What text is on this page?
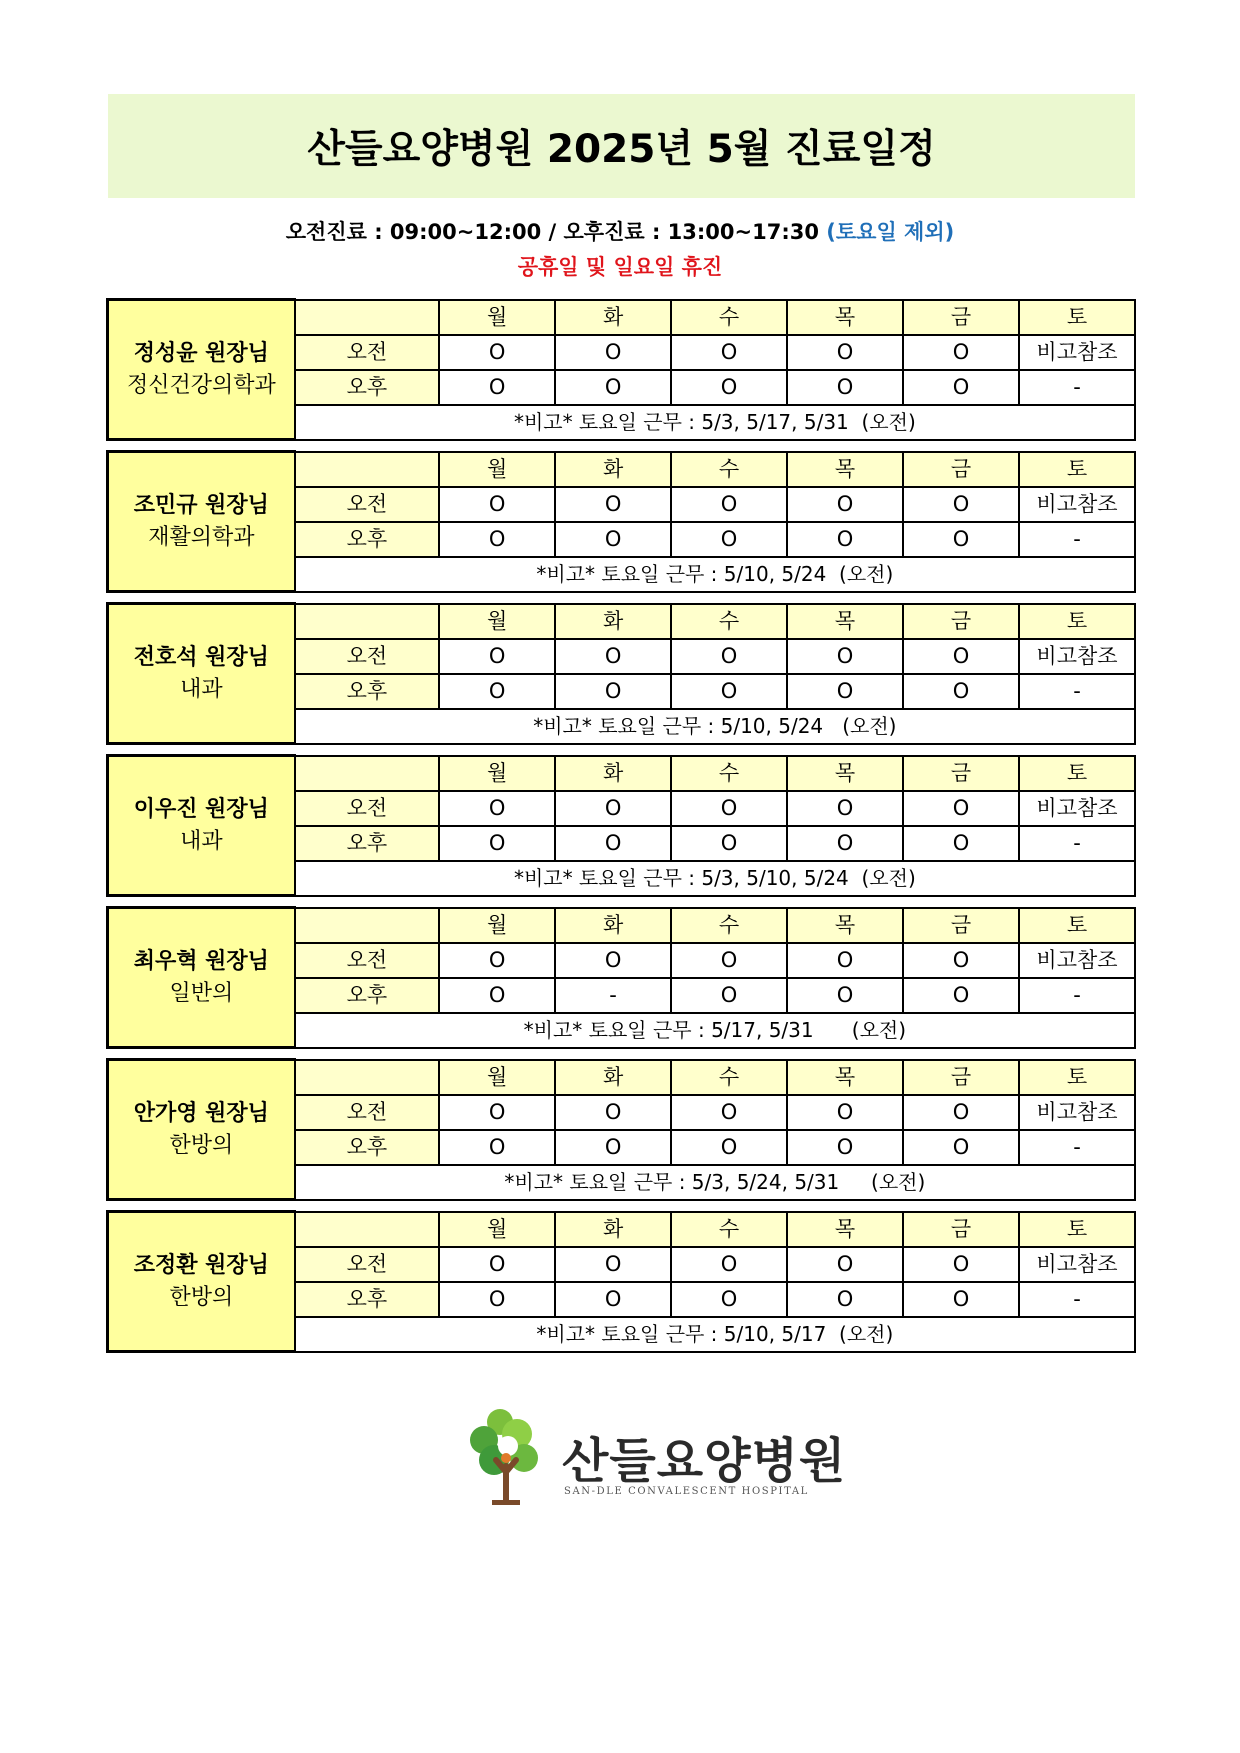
산들요양병원 2025년 5월 진료일정
오전진료 : 09:00~12:00 / 오후진료 : 13:00~17:30 (토요일 제외)
공휴일 및 일요일 휴진
정성윤 원장님
정신건강의학과		월	화	수	목	금	토
	오전	O	O	O	O	O	비고참조
	오후	O	O	O	O	O	-
	*비고* 토요일 근무 : 5/3, 5/17, 5/31  (오전)						
조민규 원장님
재활의학과		월	화	수	목	금	토
	오전	O	O	O	O	O	비고참조
	오후	O	O	O	O	O	-
	*비고* 토요일 근무 : 5/10, 5/24  (오전)						
전호석 원장님
내과		월	화	수	목	금	토
	오전	O	O	O	O	O	비고참조
	오후	O	O	O	O	O	-
	*비고* 토요일 근무 : 5/10, 5/24   (오전)						
이우진 원장님
내과		월	화	수	목	금	토
	오전	O	O	O	O	O	비고참조
	오후	O	O	O	O	O	-
	*비고* 토요일 근무 : 5/3, 5/10, 5/24  (오전)						
최우혁 원장님
일반의		월	화	수	목	금	토
	오전	O	O	O	O	O	비고참조
	오후	O	-	O	O	O	-
	*비고* 토요일 근무 : 5/17, 5/31      (오전)						
안가영 원장님
한방의		월	화	수	목	금	토
	오전	O	O	O	O	O	비고참조
	오후	O	O	O	O	O	-
	*비고* 토요일 근무 : 5/3, 5/24, 5/31     (오전)						
조정환 원장님
한방의		월	화	수	목	금	토
	오전	O	O	O	O	O	비고참조
	오후	O	O	O	O	O	-
	*비고* 토요일 근무 : 5/10, 5/17  (오전)						
산들요양병원
SAN-DLE CONVALESCENT HOSPITAL
